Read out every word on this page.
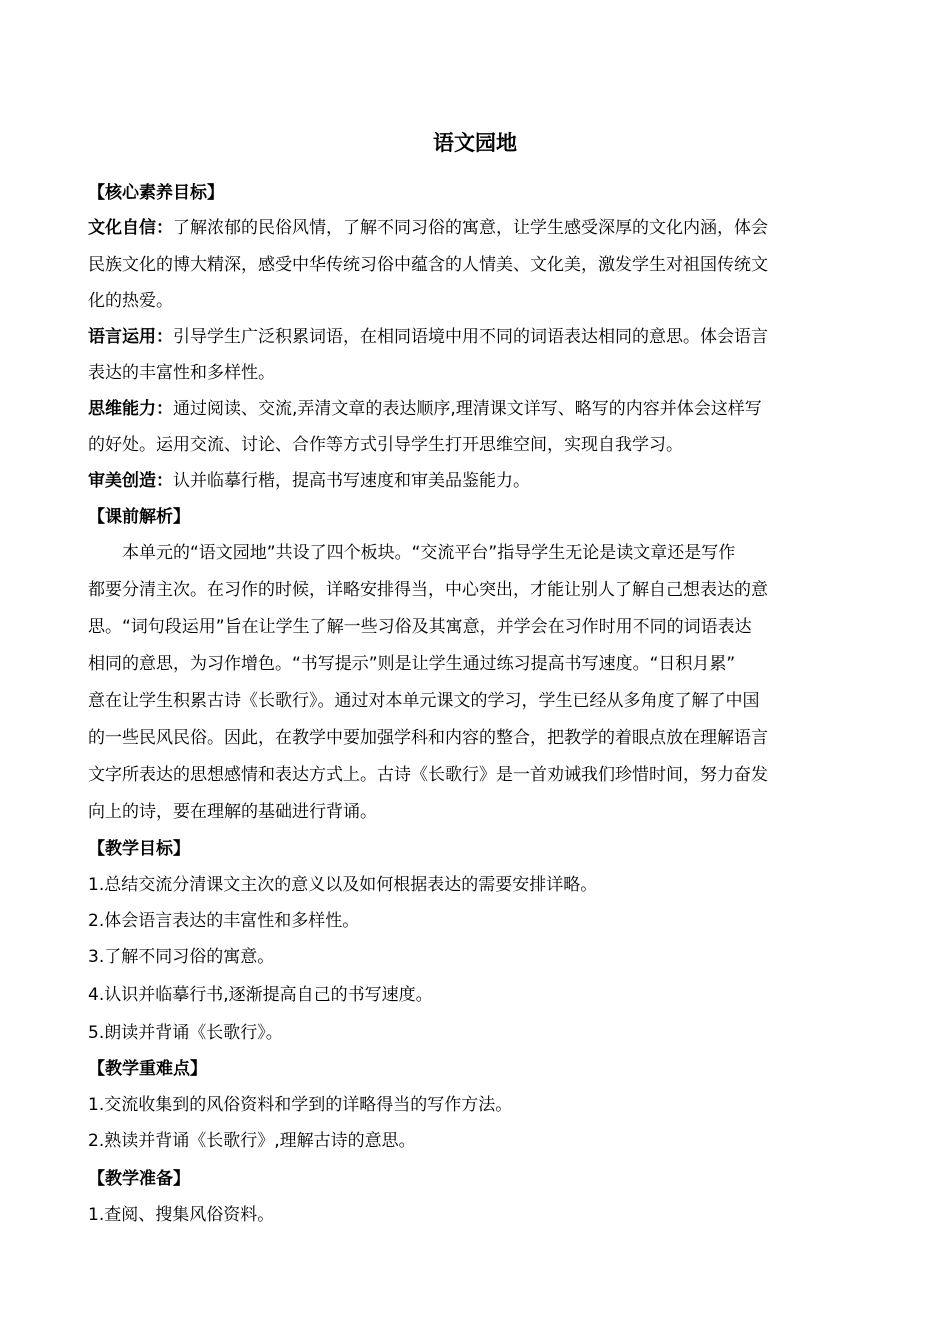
语文园地
【核心素养目标】
文化自信：了解浓郁的民俗风情，了解不同习俗的寓意，让学生感受深厚的文化内涵，体会
民族文化的博大精深，感受中华传统习俗中蕴含的人情美、文化美，激发学生对祖国传统文
化的热爱。
语言运用：引导学生广泛积累词语，在相同语境中用不同的词语表达相同的意思。体会语言
表达的丰富性和多样性。
思维能力：通过阅读、交流,弄清文章的表达顺序,理清课文详写、略写的内容并体会这样写
的好处。运用交流、讨论、合作等方式引导学生打开思维空间，实现自我学习。
审美创造：认并临摹行楷，提高书写速度和审美品鉴能力。
【课前解析】
本单元的“语文园地”共设了四个板块。“交流平台”指导学生无论是读文章还是写作
都要分清主次。在习作的时候，详略安排得当，中心突出，才能让别人了解自己想表达的意
思。“词句段运用”旨在让学生了解一些习俗及其寓意，并学会在习作时用不同的词语表达
相同的意思，为习作增色。“书写提示”则是让学生通过练习提高书写速度。“日积月累”
意在让学生积累古诗《长歌行》。通过对本单元课文的学习，学生已经从多角度了解了中国
的一些民风民俗。因此，在教学中要加强学科和内容的整合，把教学的着眼点放在理解语言
文字所表达的思想感情和表达方式上。古诗《长歌行》是一首劝诫我们珍惜时间，努力奋发
向上的诗，要在理解的基础进行背诵。
【教学目标】
1.总结交流分清课文主次的意义以及如何根据表达的需要安排详略。
2.体会语言表达的丰富性和多样性。
3.了解不同习俗的寓意。
4.认识并临摹行书,逐渐提高自己的书写速度。
5.朗读并背诵《长歌行》。
【教学重难点】
1.交流收集到的风俗资料和学到的详略得当的写作方法。
2.熟读并背诵《长歌行》,理解古诗的意思。
【教学准备】
1.查阅、搜集风俗资料。
